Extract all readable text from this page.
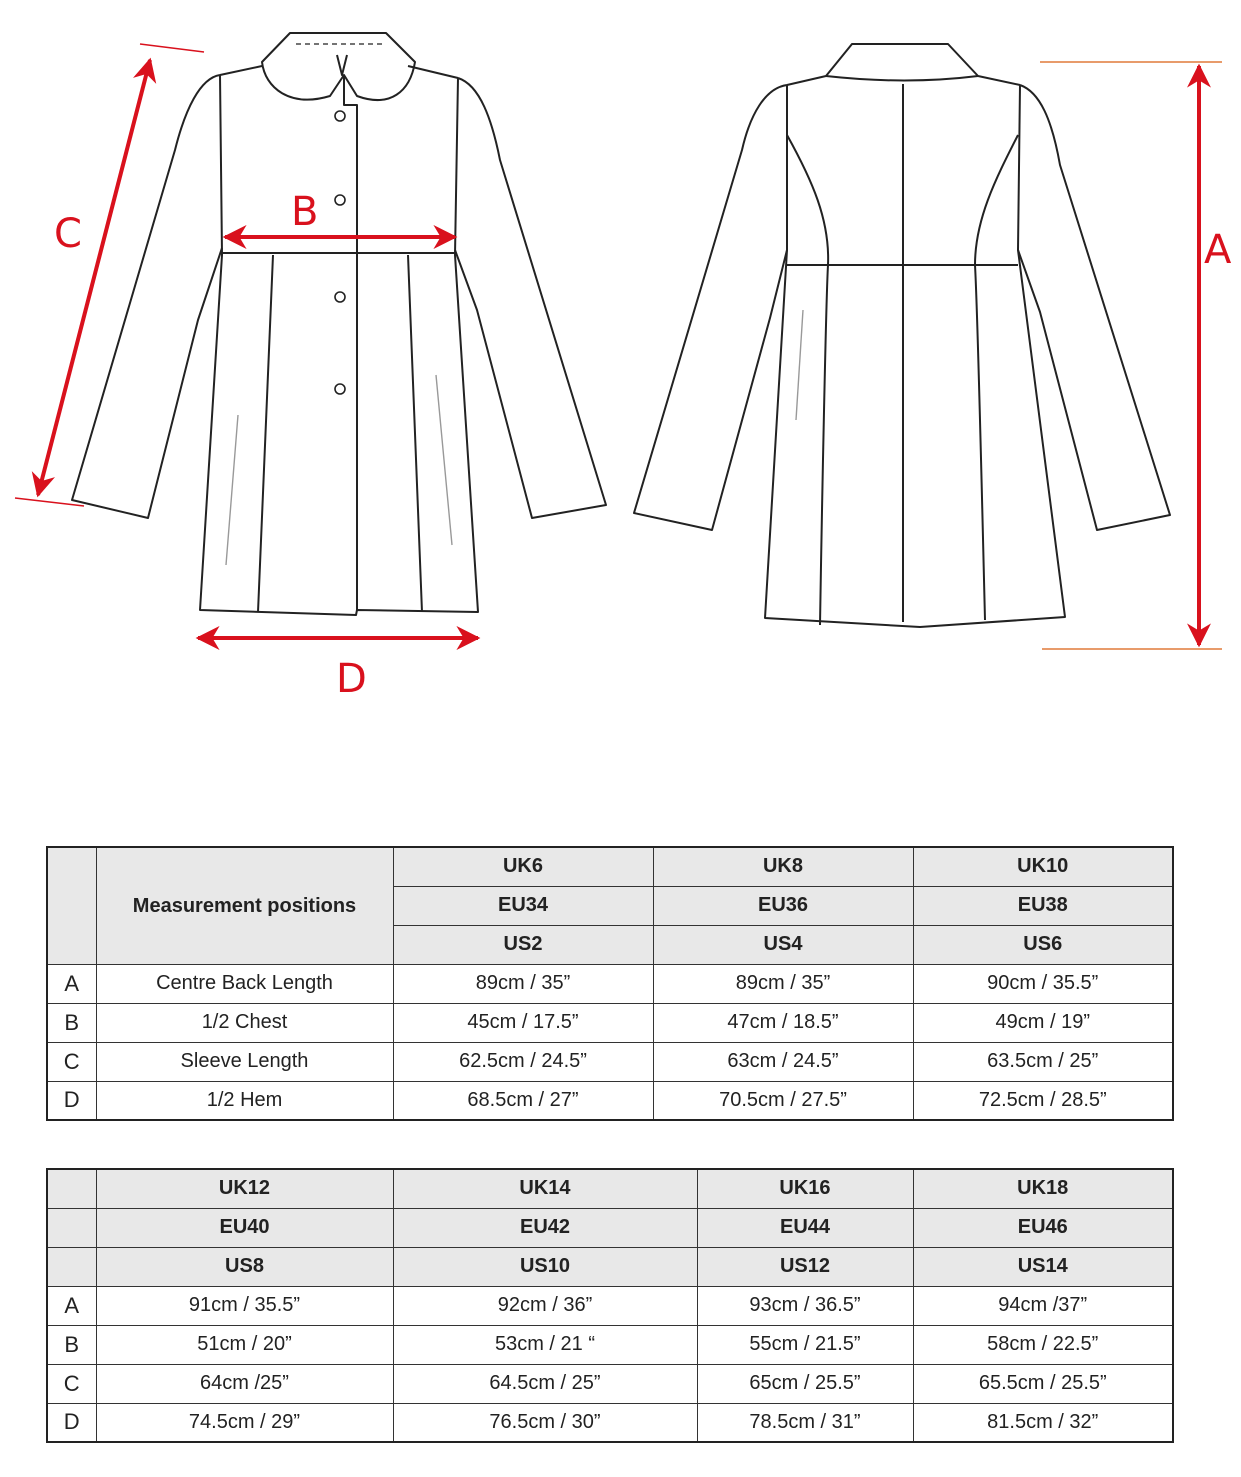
C	B
D
A
	Measurement positions	UK6	UK8	UK10
		EU34	EU36	EU38
		US2	US4	US6
A	Centre Back Length	89cm / 35”	89cm / 35”	90cm / 35.5”
B	1/2 Chest	45cm / 17.5”	47cm / 18.5”	49cm / 19”
C	Sleeve Length	62.5cm / 24.5”	63cm / 24.5”	63.5cm / 25”
D	1/2 Hem	68.5cm / 27”	70.5cm / 27.5”	72.5cm / 28.5”
	UK12	UK14	UK16	UK18
	EU40	EU42	EU44	EU46
	US8	US10	US12	US14
A	91cm / 35.5”	92cm / 36”	93cm / 36.5”	94cm /37”
B	51cm / 20”	53cm / 21 “	55cm / 21.5”	58cm / 22.5”
C	64cm /25”	64.5cm / 25”	65cm / 25.5”	65.5cm / 25.5”
D	74.5cm / 29”	76.5cm / 30”	78.5cm / 31”	81.5cm / 32”
